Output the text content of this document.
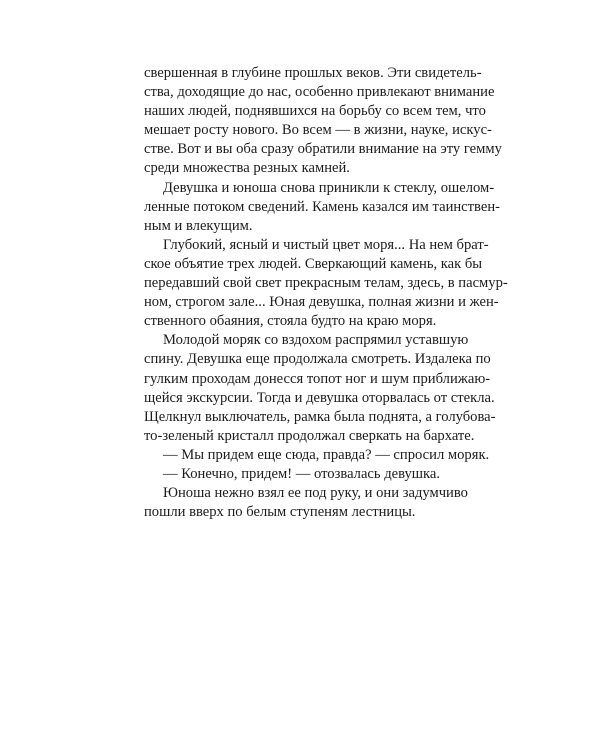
свершенная в глубине прошлых веков. Эти свидетель-
ства, доходящие до нас, особенно привлекают внимание
наших людей, поднявшихся на борьбу со всем тем, что
мешает росту нового. Во всем — в жизни, науке, искус-
стве. Вот и вы оба сразу обратили внимание на эту гемму
среди множества резных камней.
Девушка и юноша снова приникли к стеклу, ошелом-
ленные потоком сведений. Камень казался им таинствен-
ным и влекущим.
Глубокий, ясный и чистый цвет моря... На нем брат-
ское объятие трех людей. Сверкающий камень, как бы
передавший свой свет прекрасным телам, здесь, в пасмур-
ном, строгом зале... Юная девушка, полная жизни и жен-
ственного обаяния, стояла будто на краю моря.
Молодой моряк со вздохом распрямил уставшую
спину. Девушка еще продолжала смотреть. Издалека по
гулким проходам донесся топот ног и шум приближаю-
щейся экскурсии. Тогда и девушка оторвалась от стекла.
Щелкнул выключатель, рамка была поднята, а голубова-
то-зеленый кристалл продолжал сверкать на бархате.
— Мы придем еще сюда, правда? — спросил моряк.
— Конечно, придем! — отозвалась девушка.
Юноша нежно взял ее под руку, и они задумчиво
пошли вверх по белым ступеням лестницы.
